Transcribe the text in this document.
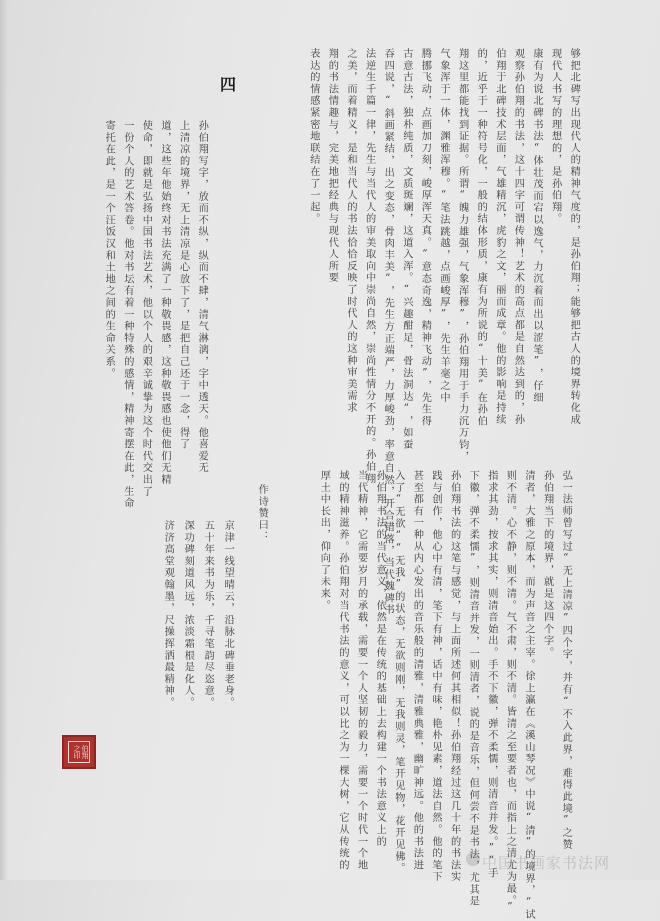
四	够把北碑写出现代人的精神气度的，是孙伯翔；能够把古人的境界转化成
现代人书写的理想的，是孙伯翔。
康有为说北碑书法“体壮茂而宕以逸气，力沉着而出以涩笔”，仔细
观察孙伯翔的书法，这十四字可谓传神！艺术的高点都是自然达到的，孙
伯翔于北碑技术层面，气雄精沉，虎豹之文，丽而成章。他的影响是持续
的，近乎于一种符号化，一般的结体形质，康有为所说的“十美”在孙伯
翔这里都能找到证据。所谓“魄力雄强，气象浑穆”，孙伯翔用于手力沉万钧，
气象浑于一体，渊雅浑穆。“笔法跳越，点画峻厚”，先生羊毫之中
腾挪飞动，点画加刀刻，峻厚浑天真。“意态奇逸，精神飞动”，先生得
古意古法，独朴纯质，文质斑斓，这道入浑。“兴趣酣足，骨法洞达”，如蚕
吞四说，“斜画紧结，出之变态，骨肉丰美”，先生方正端严，力厚峻劲，率意自然，开合错落，当代魏碑书
法逆生千篇一律，先生与当代人的审美取向中崇尚自然，崇尚性情分不开的。孙伯翔
之美，而着精义，是和当代人的书法恰恰反映了时代人的这种审美需求
翔的书法情趣与，完美地把经典与现代人所要
表达的情感紧密地联结在了一起。
孙伯翔写字，放而不纵，纵而不肆，清气淋漓，字中透天。他喜爱无
上清凉的境界，无上清凉是心放下了，是把自己还于一念，得了
道，这些年他始终对书法充满了一种敬畏感，这种敬畏感也使他们无精
使命，即就是弘扬中国书法艺术，他以个人的艰辛诚挚为这个时代交出了
一份个人的艺术答卷。他对书坛有着一种特殊的感情，精神寄摆在此，生命
寄托在此，是一个汪饭汉和土地之间的生命关系。
弘一法师曾写过“无上清凉”四个字，并有“不入此界，难得此境”之赞
孙伯翔当下的境界，就是这四个字。
清者，大雅之原本，而为声音之主宰。徐上瀛在《溪山琴况》中说“清”的境界，“试
则不清。心不静，则不清。气不肃，则不清。皆清之至要者也，而指上之清尤为最。”
指求其劲，按求其实，则清音始出。手不下徽，弹不柔懦，则清音并发。”“手
下徽，弹不柔懦”，则清音并发，一则清者，说的是音乐，但何尝不是书法，尤其是
孙伯翔书法的这笔与感觉，与上面所述何其相似！孙伯翔经过这几十年的书法实
践与创作，他心中有清，笔下有神，话中有味，艳朴见素，道法自然。他的笔下
甚至都有一种从内心发出的音乐般的清雅，清雅典雅，幽旷神远。他的书法进
入了“无欲”“无我”的状态，无欲则刚，无我则灵，笔开见物，花开见佛。
孙伯翔书法的当代意义，依然是在传统的基础上去构建一个书法意义上的
当代精神，它需要岁月的承载，需要一个人坚韧的毅力，需要一个时代一个地
域的精神滋养。孙伯翔对当代书法的意义，可以比之为一棵大树，它从传统的
厚土中长出，仰向了未来。
作诗赞曰：
京津一线望晴云，沿脉北碑垂老身。
五十年来书为乐，千寻笔韵尽恣意。
深功碑刻道风远，浓淡霜根是化人。
济济高堂观翰墨，尺操挥洒最精神。
伯翔
之印
中国书画家书法网
